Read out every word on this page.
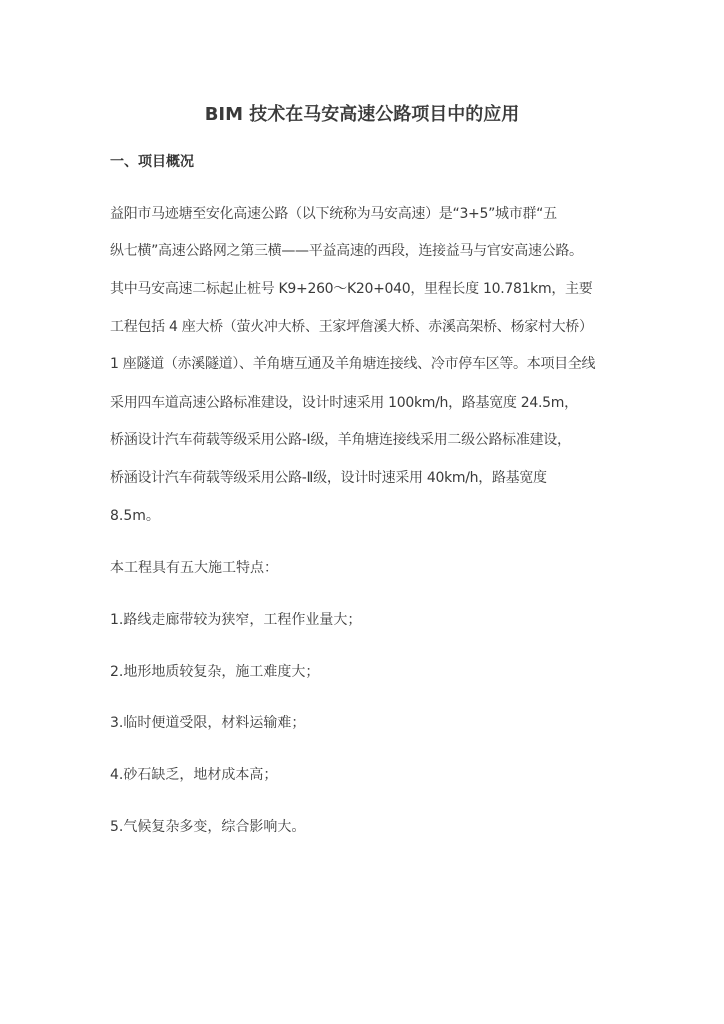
BIM 技术在马安高速公路项目中的应用
一、项目概况
益阳市马迹塘至安化高速公路（以下统称为马安高速）是“3+5”城市群“五
纵七横”高速公路网之第三横——平益高速的西段，连接益马与官安高速公路。
其中马安高速二标起止桩号 K9+260～K20+040，里程长度 10.781km，主要
工程包括 4 座大桥（萤火冲大桥、王家坪詹溪大桥、赤溪高架桥、杨家村大桥）
1 座隧道（赤溪隧道）、羊角塘互通及羊角塘连接线、冷市停车区等。本项目全线
采用四车道高速公路标准建设，设计时速采用 100km/h，路基宽度 24.5m，
桥涵设计汽车荷载等级采用公路-Ⅰ级，羊角塘连接线采用二级公路标准建设，
桥涵设计汽车荷载等级采用公路-Ⅱ级，设计时速采用 40km/h，路基宽度
8.5m。
本工程具有五大施工特点：
1.路线走廊带较为狭窄，工程作业量大；
2.地形地质较复杂，施工难度大；
3.临时便道受限，材料运输难；
4.砂石缺乏，地材成本高；
5.气候复杂多变，综合影响大。
